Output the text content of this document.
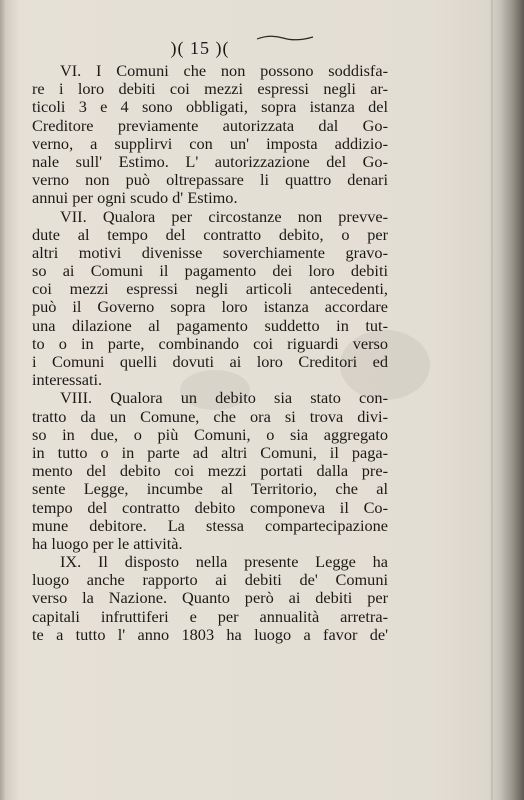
)( 15 )(
VI. I Comuni che non possono soddisfa-
re i loro debiti coi mezzi espressi negli ar-
ticoli 3 e 4 sono obbligati, sopra istanza del
Creditore previamente autorizzata dal Go-
verno, a supplirvi con un' imposta addizio-
nale sull' Estimo. L' autorizzazione del Go-
verno non può oltrepassare li quattro denari
annui per ogni scudo d' Estimo.
VII. Qualora per circostanze non prevve-
dute al tempo del contratto debito, o per
altri motivi divenisse soverchiamente gravo-
so ai Comuni il pagamento dei loro debiti
coi mezzi espressi negli articoli antecedenti,
può il Governo sopra loro istanza accordare
una dilazione al pagamento suddetto in tut-
to o in parte, combinando coi riguardi verso
i Comuni quelli dovuti ai loro Creditori ed
interessati.
VIII. Qualora un debito sia stato con-
tratto da un Comune, che ora si trova divi-
so in due, o più Comuni, o sia aggregato
in tutto o in parte ad altri Comuni, il paga-
mento del debito coi mezzi portati dalla pre-
sente Legge, incumbe al Territorio, che al
tempo del contratto debito componeva il Co-
mune debitore. La stessa compartecipazione
ha luogo per le attività.
IX. Il disposto nella presente Legge ha
luogo anche rapporto ai debiti de' Comuni
verso la Nazione. Quanto però ai debiti per
capitali infruttiferi e per annualità arretra-
te a tutto l' anno 1803 ha luogo a favor de'
